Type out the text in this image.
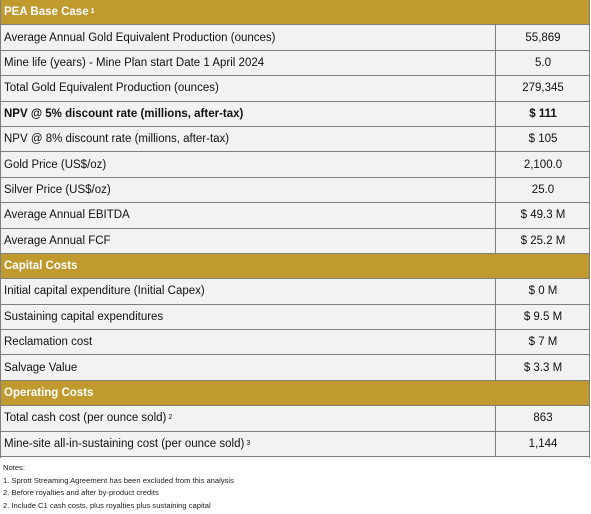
PEA Base Case 1
Average Annual Gold Equivalent Production (ounces)	55,869
Mine life (years) - Mine Plan start Date 1 April 2024	5.0
Total Gold Equivalent Production (ounces)	279,345
NPV @ 5% discount rate (millions, after-tax)	$ 111
NPV @ 8% discount rate (millions, after-tax)	$ 105
Gold Price (US$/oz)	2,100.0
Silver Price (US$/oz)	25.0
Average Annual EBITDA	$ 49.3 M
Average Annual FCF	$ 25.2 M
Capital Costs
Initial capital expenditure (Initial Capex)	$ 0 M
Sustaining capital expenditures	$ 9.5 M
Reclamation cost	$ 7 M
Salvage Value	$ 3.3 M
Operating Costs
Total cash cost (per ounce sold) 2	863
Mine-site all-in-sustaining cost (per ounce sold) 3	1,144
Notes:
1. Sprott Streaming Agreement has been excluded from this analysis
2. Before royalties and after by-product credits
2. Include C1 cash costs, plus royalties plus sustaining capital
